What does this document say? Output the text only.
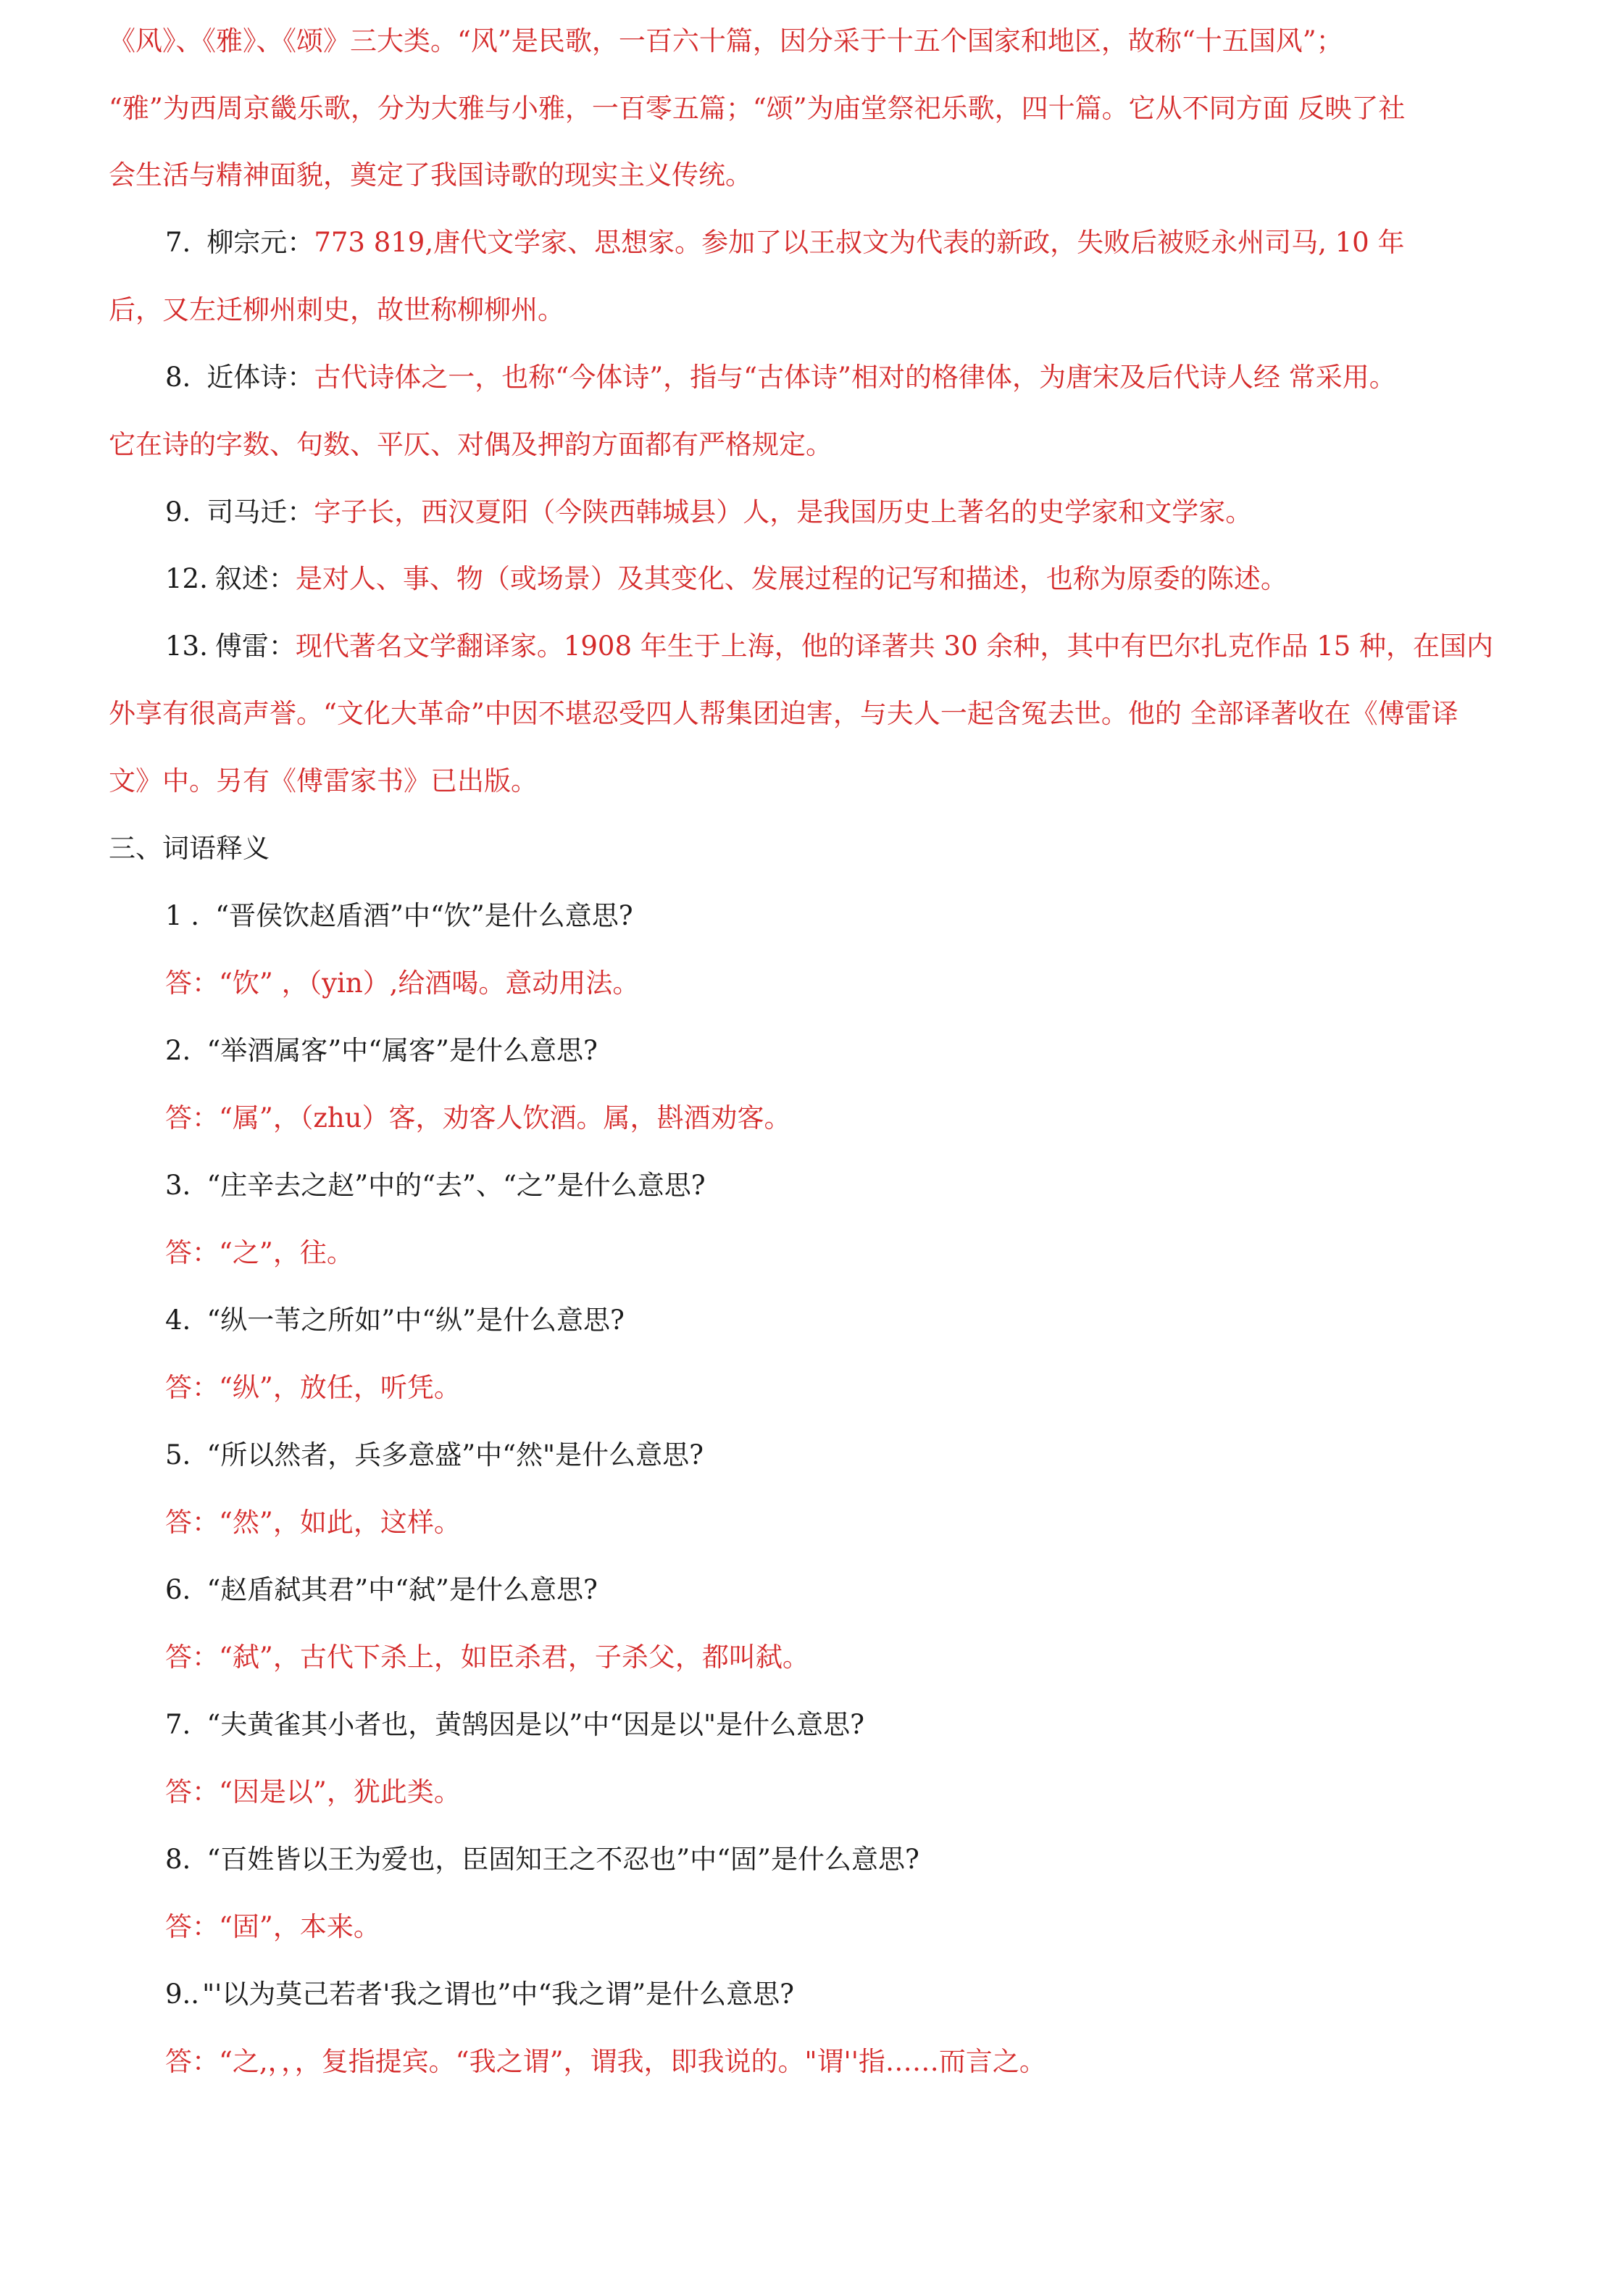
《风》、《雅》、《颂》三大类。“风”是民歌，一百六十篇，因分采于十五个国家和地区，故称“十五国风”；
“雅”为西周京畿乐歌，分为大雅与小雅，一百零五篇；“颂”为庙堂祭祀乐歌，四十篇。它从不同方面 反映了社
会生活与精神面貌，奠定了我国诗歌的现实主义传统。
7. 柳宗元：773 819,唐代文学家、思想家。参加了以王叔文为代表的新政，失败后被贬永州司马, 10 年
后，又左迁柳州刺史，故世称柳柳州。
8. 近体诗：古代诗体之一，也称“今体诗”，指与“古体诗”相对的格律体，为唐宋及后代诗人经 常采用。
它在诗的字数、句数、平仄、对偶及押韵方面都有严格规定。
9. 司马迁：字子长，西汉夏阳（今陕西韩城县）人，是我国历史上著名的史学家和文学家。
12. 叙述：是对人、事、物（或场景）及其变化、发展过程的记写和描述，也称为原委的陈述。
13. 傅雷：现代著名文学翻译家。1908 年生于上海，他的译著共 30 余种，其中有巴尔扎克作品 15 种，在国内
外享有很高声誉。“文化大革命”中因不堪忍受四人帮集团迫害，与夫人一起含冤去世。他的 全部译著收在《傅雷译
文》中。另有《傅雷家书》已出版。
三、词语释义
1 . “晋侯饮赵盾酒”中“饮”是什么意思?
答：“饮” ，（yin）,给酒喝。意动用法。
2. “举酒属客”中“属客”是什么意思?
答：“属”，（zhu）客，劝客人饮酒。属，斟酒劝客。
3. “庄辛去之赵”中的“去”、“之”是什么意思?
答：“之”，往。
4. “纵一苇之所如”中“纵”是什么意思?
答：“纵”，放任，听凭。
5. “所以然者，兵多意盛”中“然"是什么意思?
答：“然”，如此，这样。
6. “赵盾弑其君”中“弑”是什么意思?
答：“弑”，古代下杀上，如臣杀君，子杀父，都叫弑。
7. “夫黄雀其小者也，黄鹄因是以”中“因是以"是什么意思?
答：“因是以”，犹此类。
8. “百姓皆以王为爱也，臣固知王之不忍也”中“固”是什么意思?
答：“固”，本来。
9.. "'以为莫己若者'我之谓也”中“我之谓”是什么意思?
答：“之,，，，复指提宾。“我之谓”，谓我，即我说的。"谓''指……而言之。
